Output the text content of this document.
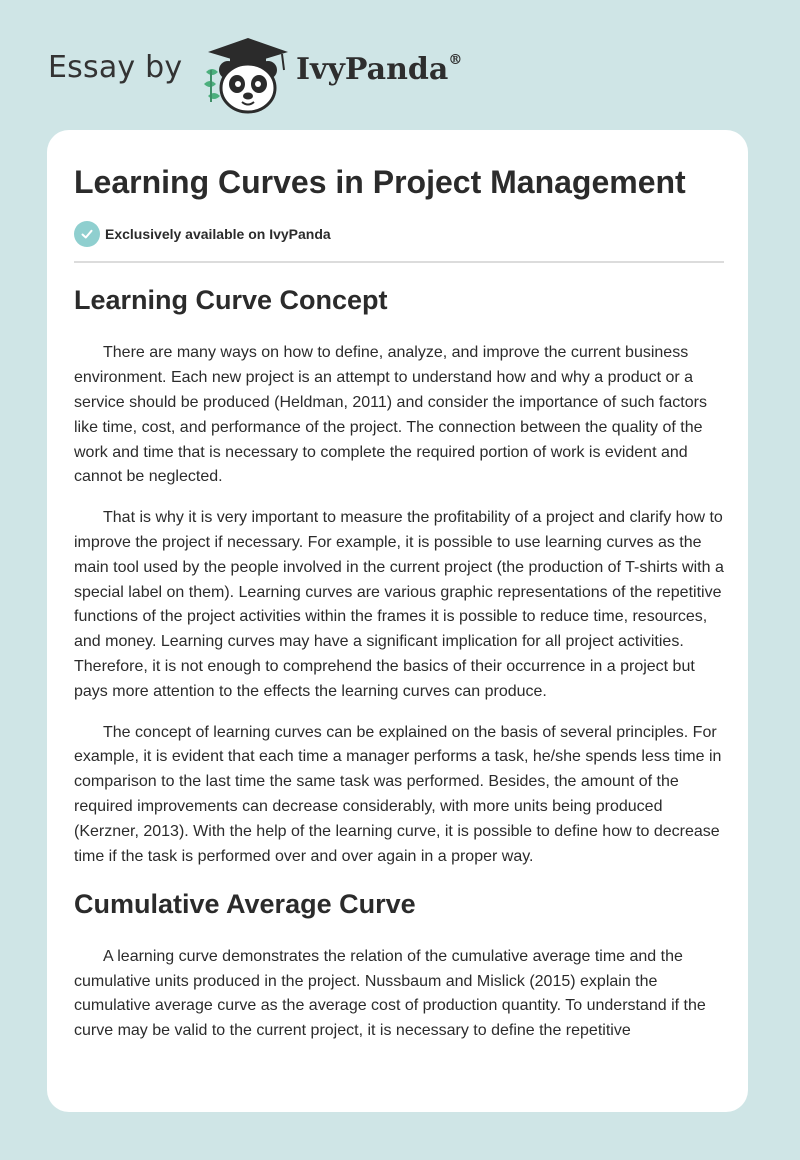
Essay by	IvyPanda®
Learning Curves in Project Management
Exclusively available on IvyPanda
Learning Curve Concept

There are many ways on how to define, analyze, and improve the current business environment. Each new project is an attempt to understand how and why a product or a service should be produced (Heldman, 2011) and consider the importance of such factors like time, cost, and performance of the project. The connection between the quality of the work and time that is necessary to complete the required portion of work is evident and cannot be neglected.

That is why it is very important to measure the profitability of a project and clarify how to improve the project if necessary. For example, it is possible to use learning curves as the main tool used by the people involved in the current project (the production of T-shirts with a special label on them). Learning curves are various graphic representations of the repetitive functions of the project activities within the frames it is possible to reduce time, resources, and money. Learning curves may have a significant implication for all project activities. Therefore, it is not enough to comprehend the basics of their occurrence in a project but pays more attention to the effects the learning curves can produce.

The concept of learning curves can be explained on the basis of several principles. For example, it is evident that each time a manager performs a task, he/she spends less time in comparison to the last time the same task was performed. Besides, the amount of the required improvements can decrease considerably, with more units being produced (Kerzner, 2013). With the help of the learning curve, it is possible to define how to decrease time if the task is performed over and over again in a proper way.

Cumulative Average Curve

A learning curve demonstrates the relation of the cumulative average time and the cumulative units produced in the project. Nussbaum and Mislick (2015) explain the cumulative average curve as the average cost of production quantity. To understand if the curve may be valid to the current project, it is necessary to define the repetitive
